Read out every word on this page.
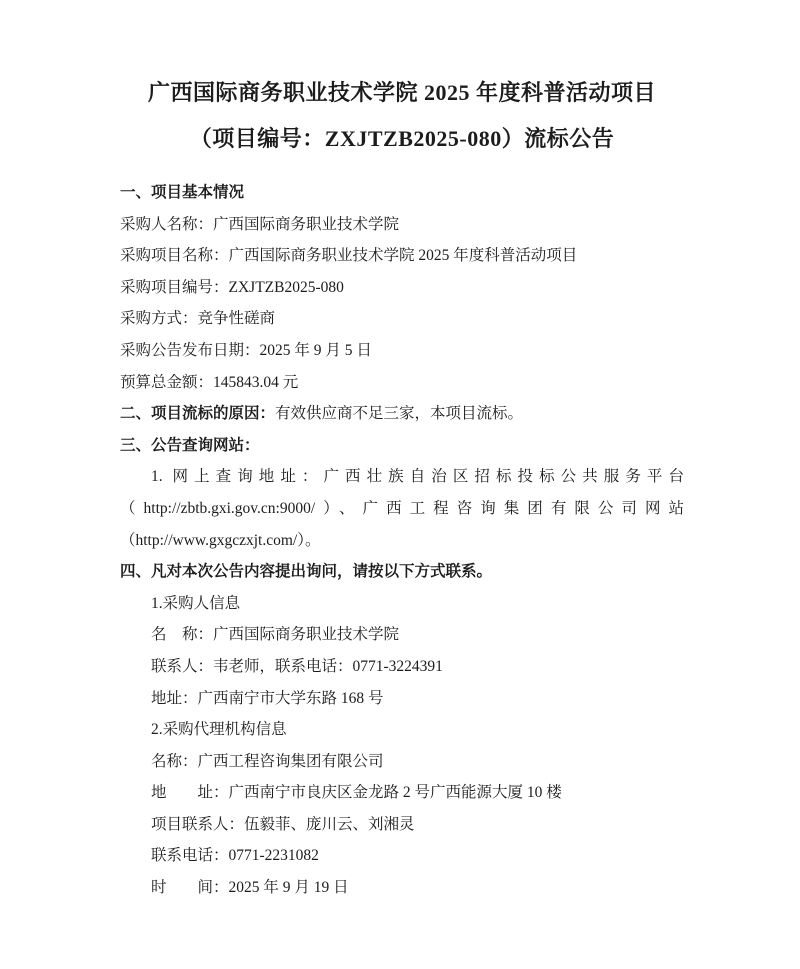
广西国际商务职业技术学院 2025 年度科普活动项目
（项目编号：ZXJTZB2025-080）流标公告
一、项目基本情况
采购人名称：广西国际商务职业技术学院
采购项目名称：广西国际商务职业技术学院 2025 年度科普活动项目
采购项目编号：ZXJTZB2025-080
采购方式：竞争性磋商
采购公告发布日期：2025 年 9 月 5 日
预算总金额：145843.04 元
二、项目流标的原因：有效供应商不足三家，本项目流标。
三、公告查询网站：
1. 网上查询地址：广西壮族自治区招标投标公共服务平台
（http://zbtb.gxi.gov.cn:9000/）、广西工程咨询集团有限公司网站
（http://www.gxgczxjt.com/）。
四、凡对本次公告内容提出询问，请按以下方式联系。
1.采购人信息
名　称：广西国际商务职业技术学院
联系人：韦老师，联系电话：0771-3224391
地址：广西南宁市大学东路 168 号
2.采购代理机构信息
名称：广西工程咨询集团有限公司
地　　址：广西南宁市良庆区金龙路 2 号广西能源大厦 10 楼
项目联系人：伍毅菲、庞川云、刘湘灵
联系电话：0771-2231082
时　　间：2025 年 9 月 19 日
